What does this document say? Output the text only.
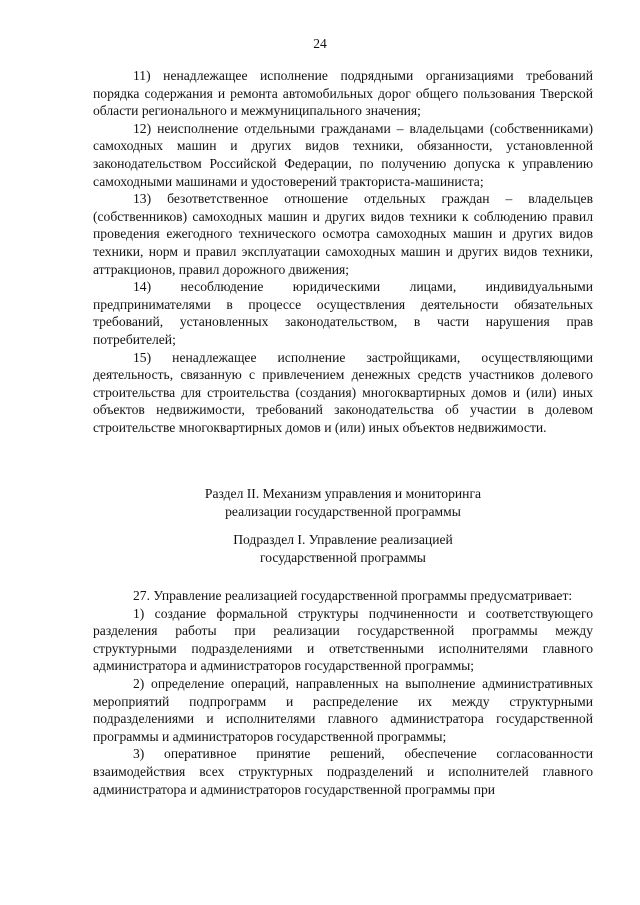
24

11) ненадлежащее исполнение подрядными организациями требований порядка содержания и ремонта автомобильных дорог общего пользования Тверской области регионального и межмуниципального значения;

12) неисполнение отдельными гражданами – владельцами (собственниками) самоходных машин и других видов техники, обязанности, установленной законодательством Российской Федерации, по получению допуска к управлению самоходными машинами и удостоверений тракториста-машиниста;

13) безответственное отношение отдельных граждан – владельцев (собственников) самоходных машин и других видов техники к соблюдению правил проведения ежегодного технического осмотра самоходных машин и других видов техники, норм и правил эксплуатации самоходных машин и других видов техники, аттракционов, правил дорожного движения;

14) несоблюдение юридическими лицами, индивидуальными предпринимателями в процессе осуществления деятельности обязательных требований, установленных законодательством, в части нарушения прав потребителей;

15) ненадлежащее исполнение застройщиками, осуществляющими деятельность, связанную с привлечением денежных средств участников долевого строительства для строительства (создания) многоквартирных домов и (или) иных объектов недвижимости, требований законодательства об участии в долевом строительстве многоквартирных домов и (или) иных объектов недвижимости.

Раздел II. Механизм управления и мониторинга

реализации государственной программы

Подраздел I. Управление реализацией

государственной программы

27. Управление реализацией государственной программы предусматривает:

1) создание формальной структуры подчиненности и соответствующего разделения работы при реализации государственной программы между структурными подразделениями и ответственными исполнителями главного администратора и администраторов государственной программы;

2) определение операций, направленных на выполнение административных мероприятий подпрограмм и распределение их между структурными подразделениями и исполнителями главного администратора государственной программы и администраторов государственной программы;

3) оперативное принятие решений, обеспечение согласованности взаимодействия всех структурных подразделений и исполнителей главного администратора и администраторов государственной программы при
